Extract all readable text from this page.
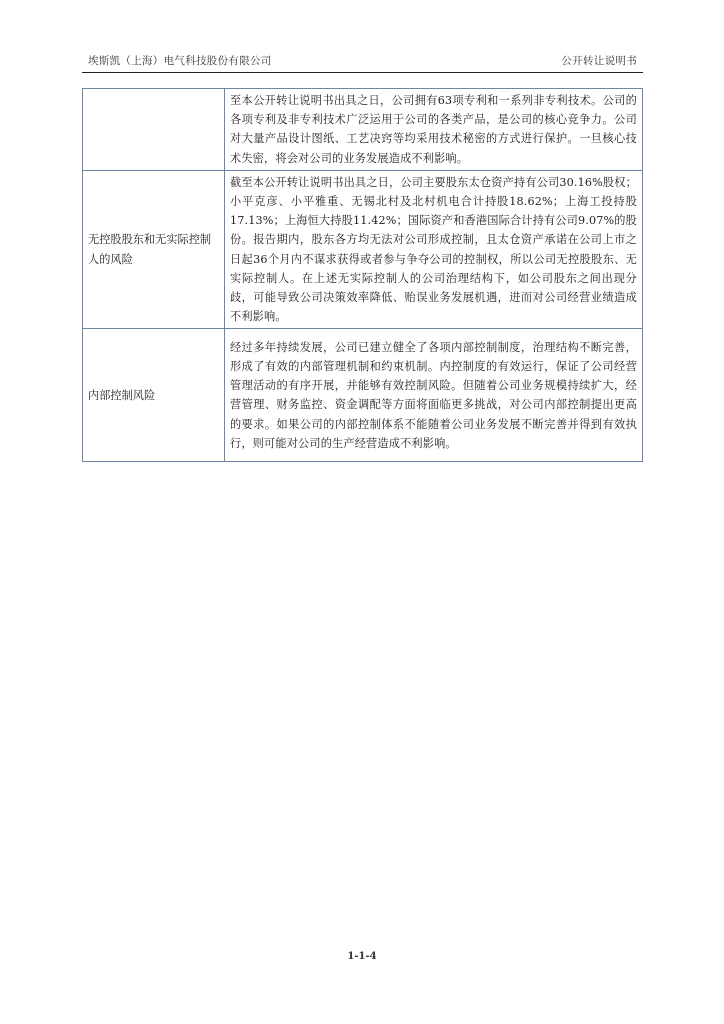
埃斯凯（上海）电气科技股份有限公司	公开转让说明书
	至本公开转让说明书出具之日，公司拥有63项专利和一系列非专利技术。公司的各项专利及非专利技术广泛运用于公司的各类产品，是公司的核心竞争力。公司对大量产品设计图纸、工艺决窍等均采用技术秘密的方式进行保护。一旦核心技术失密，将会对公司的业务发展造成不利影响。
无控股股东和无实际控制人的风险	截至本公开转让说明书出具之日，公司主要股东太仓资产持有公司30.16%股权；小平克彦、小平雅重、无锡北村及北村机电合计持股18.62%；上海工投持股17.13%；上海恒大持股11.42%；国际资产和香港国际合计持有公司9.07%的股份。报告期内，股东各方均无法对公司形成控制，且太仓资产承诺在公司上市之日起36个月内不谋求获得或者参与争夺公司的控制权，所以公司无控股股东、无实际控制人。在上述无实际控制人的公司治理结构下，如公司股东之间出现分歧，可能导致公司决策效率降低、贻误业务发展机遇，进而对公司经营业绩造成不利影响。
内部控制风险	经过多年持续发展，公司已建立健全了各项内部控制制度，治理结构不断完善，形成了有效的内部管理机制和约束机制。内控制度的有效运行，保证了公司经营管理活动的有序开展，并能够有效控制风险。但随着公司业务规模持续扩大，经营管理、财务监控、资金调配等方面将面临更多挑战，对公司内部控制提出更高的要求。如果公司的内部控制体系不能随着公司业务发展不断完善并得到有效执行，则可能对公司的生产经营造成不利影响。
1-1-4
